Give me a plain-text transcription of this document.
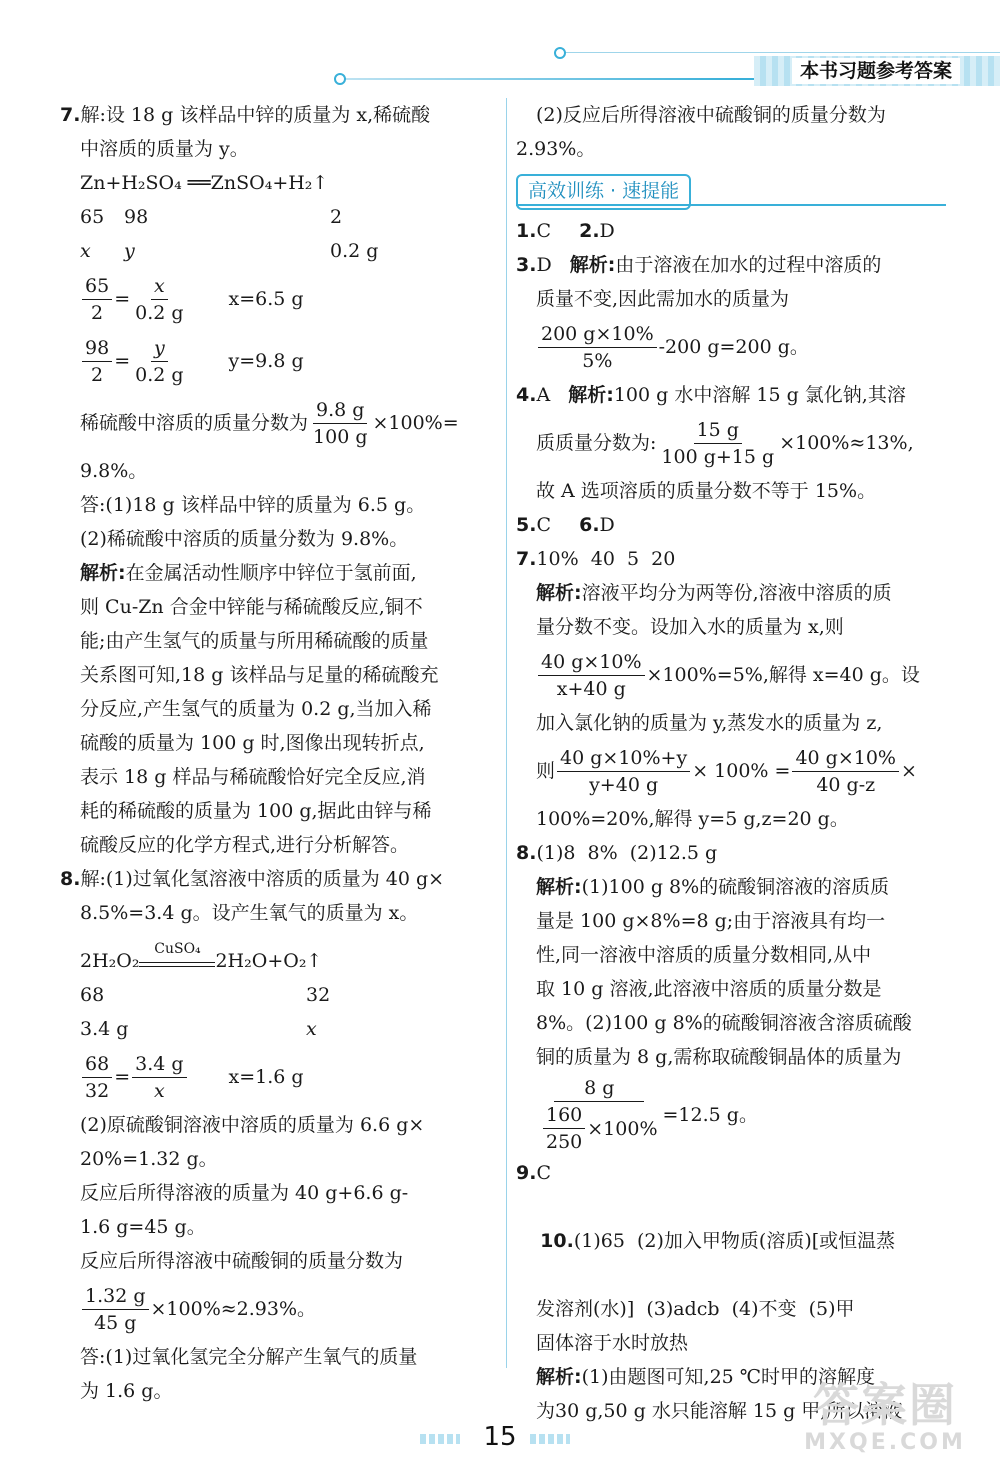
本书习题参考答案

7.解:设 18 g 该样品中锌的质量为 x,稀硫酸

中溶质的质量为 y。

Zn+H₂SO₄ ══ZnSO₄+H₂↑

65 98	2

x y	0.2 g

$\frac{65}{2} = \frac{x}{0.2 g} x=6.5$ g
$\frac{98}{2} = \frac{y}{0.2 g} y=9.8$ g
稀硫酸中溶质的质量分数为 $\frac{9.8 g}{100 g} \times 100\%=$

9.8%。

答:(1)18 g 该样品中锌的质量为 6.5 g。

(2)稀硫酸中溶质的质量分数为 9.8%。

解析:在金属活动性顺序中锌位于氢前面,

则 Cu-Zn 合金中锌能与稀硫酸反应,铜不

能;由产生氢气的质量与所用稀硫酸的质量

关系图可知,18 g 该样品与足量的稀硫酸充

分反应,产生氢气的质量为 0.2 g,当加入稀

硫酸的质量为 100 g 时,图像出现转折点,

表示 18 g 样品与稀硫酸恰好完全反应,消

耗的稀硫酸的质量为 100 g,据此由锌与稀

硫酸反应的化学方程式,进行分析解答。

8.解:(1)过氧化氢溶液中溶质的质量为 40 g×

8.5%=3.4 g。设产生氧气的质量为 x。

2H₂O₂
CuSO₄
2H₂O+O₂↑

68	32

3.4 g	x

$\frac{68}{32} = \frac{3.4 g}{x} x=1.6$ g

(2)原硫酸铜溶液中溶质的质量为 6.6 g×

20%=1.32 g。

反应后所得溶液的质量为 40 g+6.6 g-

1.6 g=45 g。

反应后所得溶液中硫酸铜的质量分数为

$\frac{1.32 g}{45 g} \times 100\%\approx 2.93\%$。

答:(1)过氧化氢完全分解产生氧气的质量

为 1.6 g。

(2)反应后所得溶液中硫酸铜的质量分数为

2.93%。

高效训练 · 速提能

1.C 2.D

3.D 解析:由于溶液在加水的过程中溶质的

质量不变,因此需加水的质量为

$\frac{200 g\times 10\%}{5\%} -200$ g=200 g。

4.A 解析:100 g 水中溶解 15 g 氯化钠,其溶

质质量分数为: $\frac{15 g}{100 g+15 g} \times 100\%\approx 13\%$,

故 A 选项溶质的质量分数不等于 15%。

5.C 6.D

7.10%  40  5  20

解析:溶液平均分为两等份,溶液中溶质的质

量分数不变。设加入水的质量为 x,则

$\frac{40 g\times 10\%}{x+40 g} \times 100\%=5\%$,解得 x=40 g。设

加入氯化钠的质量为 y,蒸发水的质量为 z,

则 $\frac{40 g\times 10\%+y}{y+40 g} \times 100\% = \frac{40 g\times 10\%}{40 g-z}$ ×

100%=20%,解得 y=5 g,z=20 g。

8.(1)8  8%  (2)12.5 g

解析:(1)100 g 8%的硫酸铜溶液的溶质质

量是 100 g×8%=8 g;由于溶液具有均一

性,同一溶液中溶质的质量分数相同,从中

取 10 g 溶液,此溶液中溶质的质量分数是

8%。(2)100 g 8%的硫酸铜溶液含溶质硫酸

铜的质量为 8 g,需称取硫酸铜晶体的质量为

$\frac{8 g}{\frac{160}{250} \times 100\%} =12.5$ g。

9.C

10.(1)65  (2)加入甲物质(溶质)[或恒温蒸

发溶剂(水)]  (3)adcb  (4)不变  (5)甲

固体溶于水时放热

解析:(1)由题图可知,25 ℃时甲的溶解度

为30 g,50 g 水只能溶解 15 g 甲,所以溶液

15
答案圈
MXQE.COM
